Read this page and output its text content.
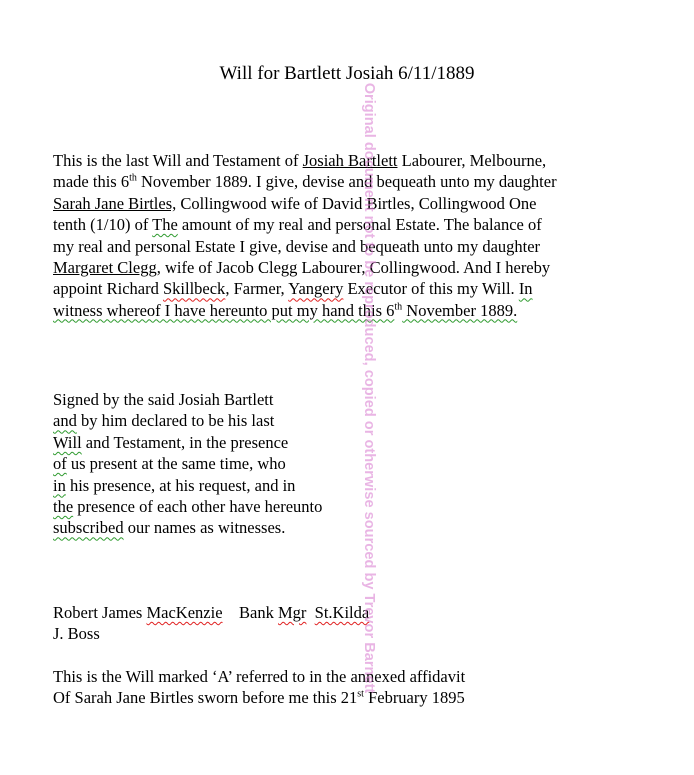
Will for Bartlett Josiah 6/11/1889
This is the last Will and Testament of Josiah Bartlett Labourer, Melbourne,
made this 6th November 1889. I give, devise and bequeath unto my daughter
Sarah Jane Birtles, Collingwood wife of David Birtles, Collingwood One
tenth (1/10) of The amount of my real and personal Estate. The balance of
my real and personal Estate I give, devise and bequeath unto my daughter
Margaret Clegg, wife of Jacob Clegg Labourer, Collingwood. And I hereby
appoint Richard Skillbeck, Farmer, Yangery Executor of this my Will. In
witness whereof I have hereunto put my hand this 6th November 1889.
Signed by the said Josiah Bartlett
and by him declared to be his last
Will and Testament, in the presence
of us present at the same time, who
in his presence, at his request, and in
the presence of each other have hereunto
subscribed our names as witnesses.
Robert James MacKenzie    Bank Mgr St.Kilda
J. Boss
This is the Will marked ‘A’ referred to in the annexed affidavit
Of Sarah Jane Birtles sworn before me this 21st February 1895
Original document not to be reproduced, copied or otherwise sourced by Trevor Barnett
